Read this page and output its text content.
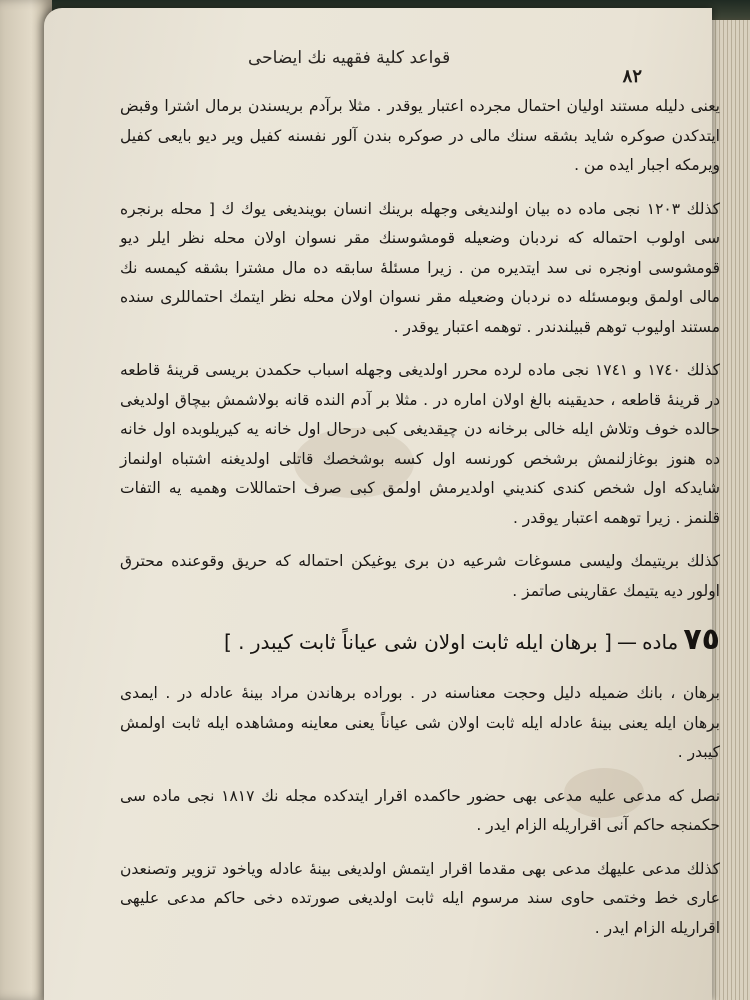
قواعد كلية فقهيه نك ايضاحى
٨٢

يعنى دليله مستند اوليان احتمال مجرده اعتبار يوقدر . مثلا برآدم بريسندن برمال اشترا وقبض ايتدكدن صوكره شايد بشقه سنك مالى در صوكره بندن آلور نفسنه كفيل وير ديو بايعى كفيل ويرمكه اجبار ايده من .

كذلك ١٢٠٣ نجى ماده ده بيان اولنديغى وجهله برينك انسان بوينديغى يوك ك [ محله برنجره سى اولوب احتماله كه نردبان وضعيله قومشوسنك مقر نسوان اولان محله نظر ايلر ديو قومشوسى اونجره نى سد ايتديره من . زيرا مسئلۀ سابقه ده مال مشترا بشقه كيمسه نك مالى اولمق وبومسئله ده نردبان وضعيله مقر نسوان اولان محله نظر ايتمك احتماللرى سنده مستند اوليوب توهم قبيلندندر . توهمه اعتبار يوقدر .

كذلك ١٧٤٠ و ١٧٤١ نجى ماده لرده محرر اولديغى وجهله اسباب حكمدن بريسى قرينۀ قاطعه در قرينۀ قاطعه ، حديقينه بالغ اولان اماره در . مثلا بر آدم النده قانه بولاشمش بيچاق اولديغى حالده خوف وتلاش ايله خالى برخانه دن چيقديغى كبى درحال اول خانه يه كيريلوبده اول خانه ده هنوز بوغازلنمش برشخص كورنسه اول كسه بوشخصك قاتلى اولديغنه اشتباه اولنماز شايدكه اول شخص كندى كنديني اولديرمش اولمق كبى صرف احتماللات وهميه يه التفات قلنمز . زيرا توهمه اعتبار يوقدر .

كذلك بريتيمك وليسى مسوغات شرعيه دن برى يوغيكن احتماله كه حريق وقوعنده محترق اولور ديه يتيمك عقارينى صاتمز .

٧٥ ماده — [ برهان ايله ثابت اولان شى عياناً ثابت كيبدر . ]

برهان ، بانك ضميله دليل وحجت معناسنه در . بوراده برهاندن مراد بينۀ عادله در . ايمدى برهان ايله يعنى بينۀ عادله ايله ثابت اولان شى عياناً يعنى معاينه ومشاهده ايله ثابت اولمش كيبدر .

نصل كه مدعى عليه مدعى بهى حضور حاكمده اقرار ايتدكده مجله نك ١٨١٧ نجى ماده سى حكمنجه حاكم آنى اقراريله الزام ايدر .

كذلك مدعى عليهك مدعى بهى مقدما اقرار ايتمش اولديغى بينۀ عادله وياخود تزوير وتصنعدن عارى خط وختمى حاوى سند مرسوم ايله ثابت اولديغى صورتده دخى حاكم مدعى عليهى اقراريله الزام ايدر .
